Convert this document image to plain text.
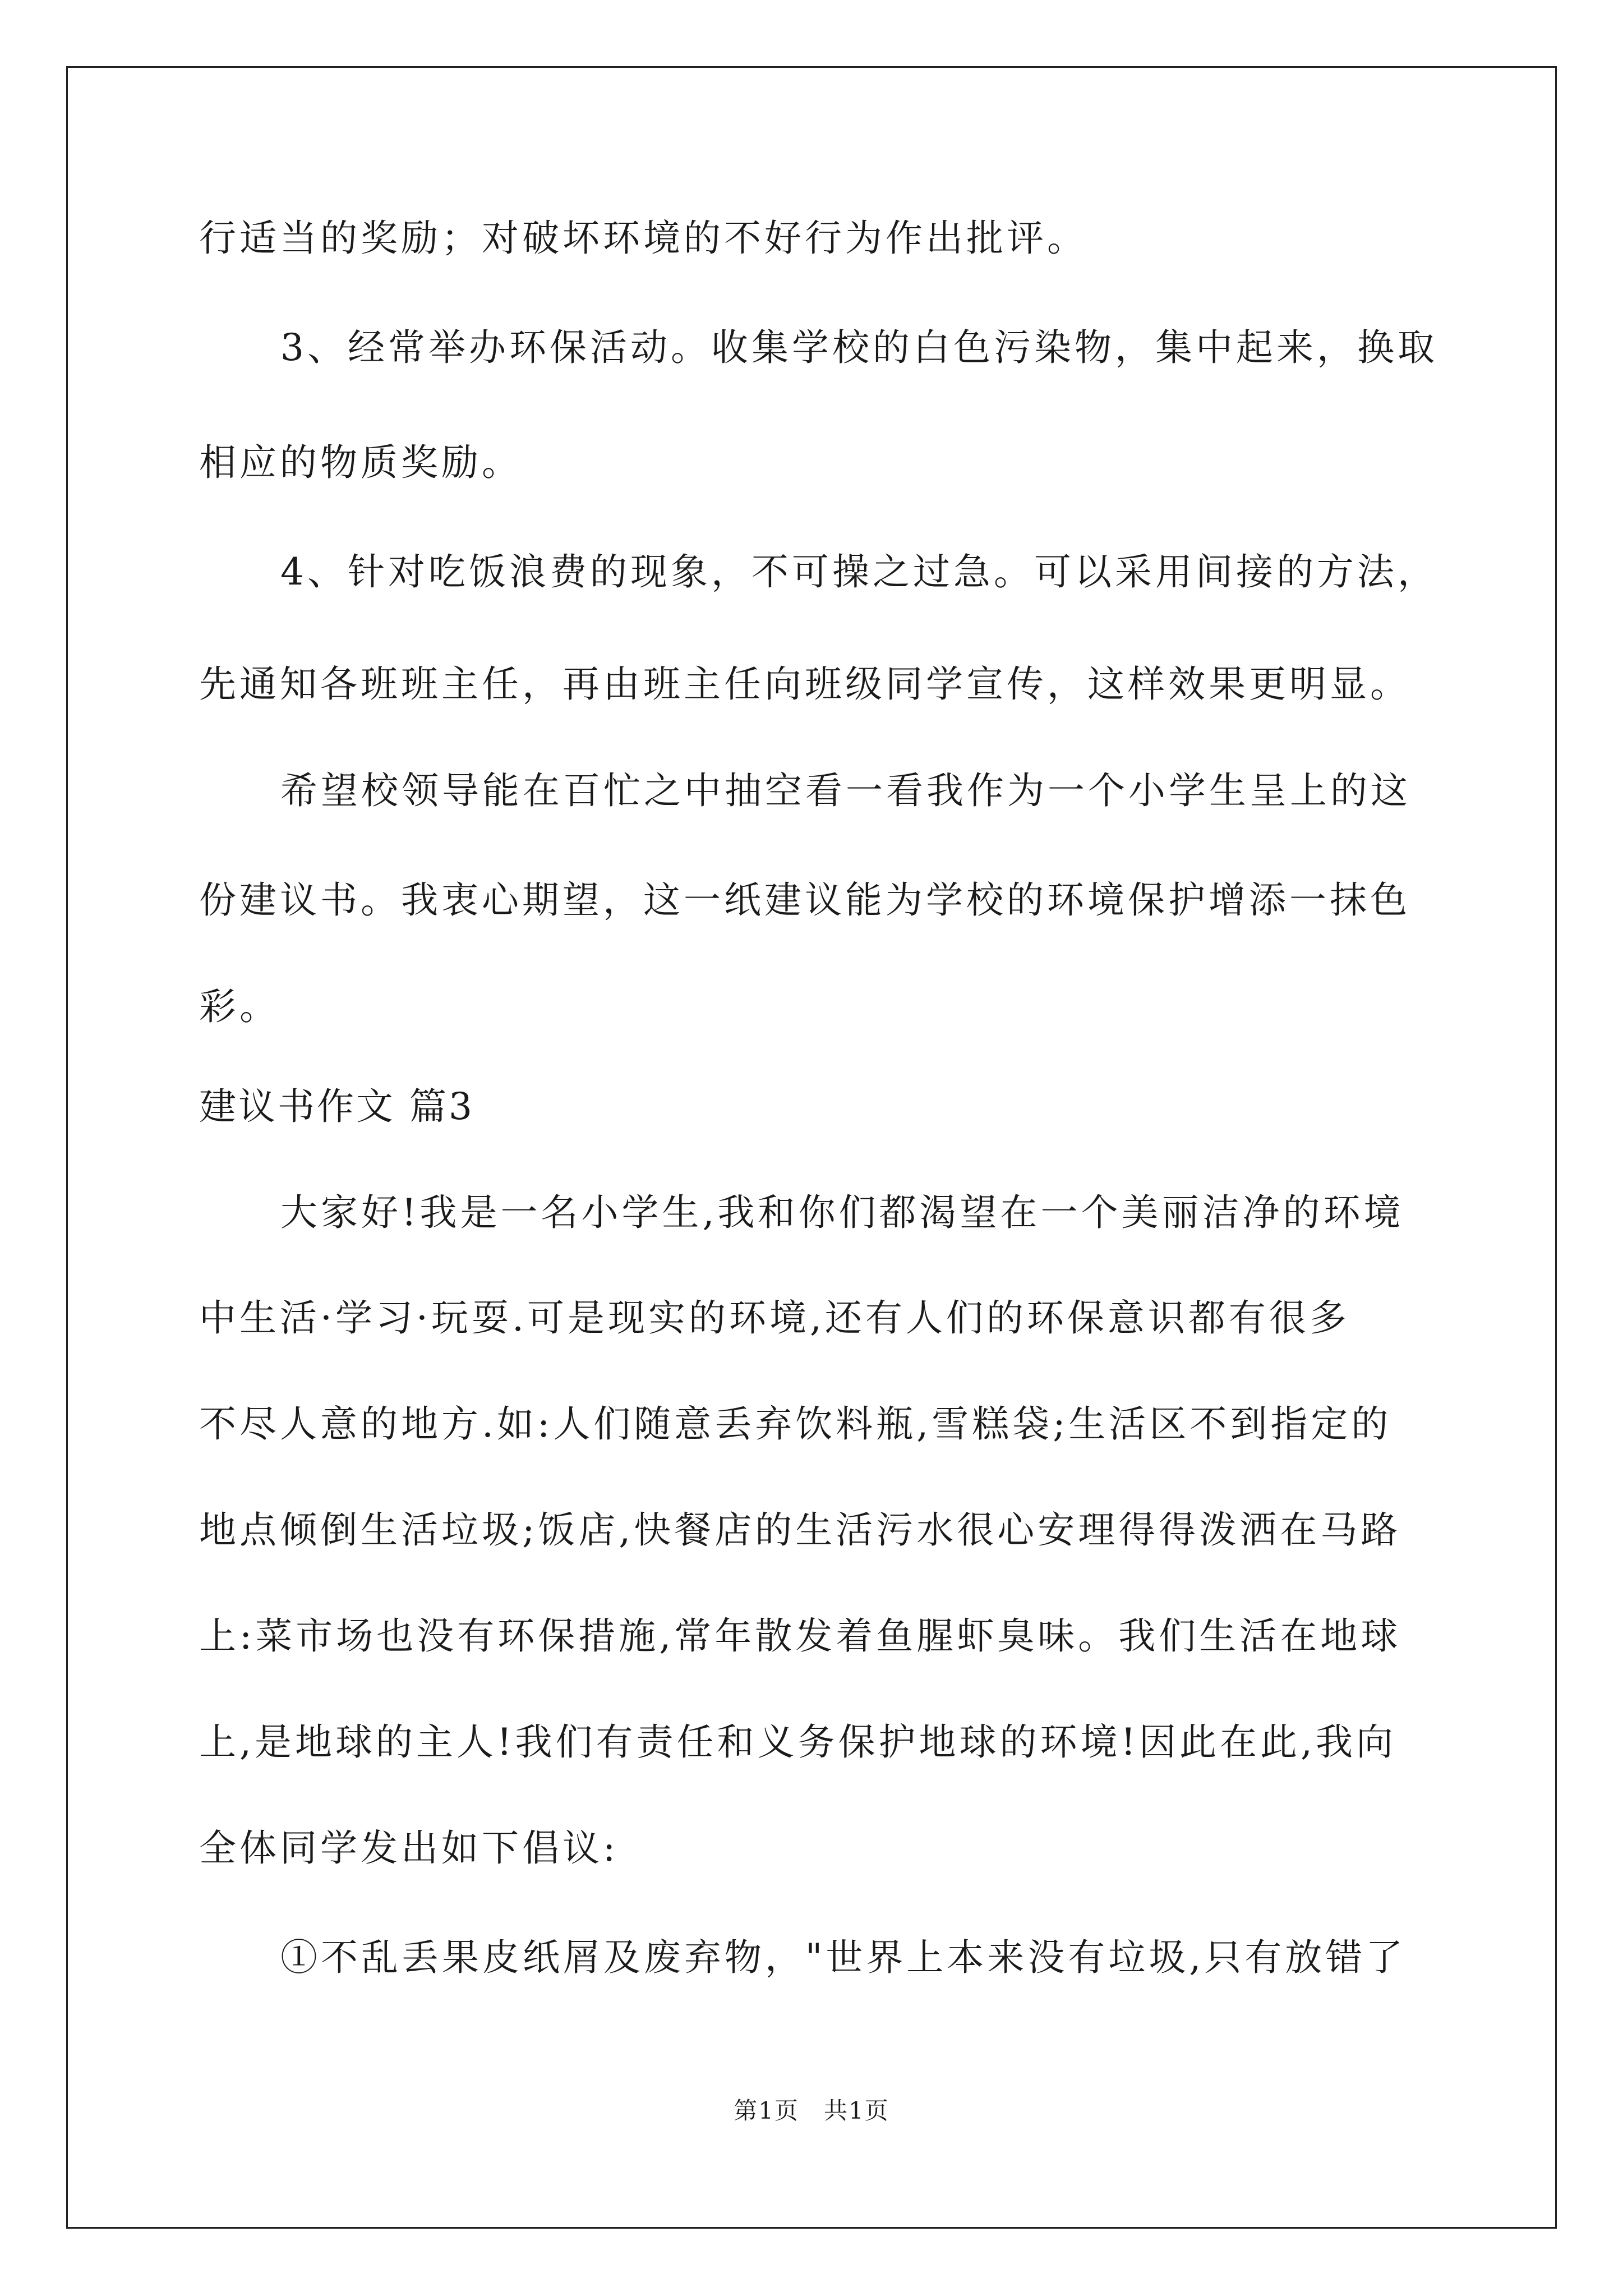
行适当的奖励；对破坏环境的不好行为作出批评。
3、经常举办环保活动。收集学校的白色污染物，集中起来，换取
相应的物质奖励。
4、针对吃饭浪费的现象，不可操之过急。可以采用间接的方法，
先通知各班班主任，再由班主任向班级同学宣传，这样效果更明显。
希望校领导能在百忙之中抽空看一看我作为一个小学生呈上的这
份建议书。我衷心期望，这一纸建议能为学校的环境保护增添一抹色
彩。
建议书作文 篇3
大家好!我是一名小学生,我和你们都渴望在一个美丽洁净的环境
中生活·学习·玩耍.可是现实的环境,还有人们的环保意识都有很多
不尽人意的地方.如:人们随意丢弃饮料瓶,雪糕袋;生活区不到指定的
地点倾倒生活垃圾;饭店,快餐店的生活污水很心安理得得泼洒在马路
上:菜市场也没有环保措施,常年散发着鱼腥虾臭味。我们生活在地球
上,是地球的主人!我们有责任和义务保护地球的环境!因此在此,我向
全体同学发出如下倡议:
①不乱丢果皮纸屑及废弃物，"世界上本来没有垃圾,只有放错了
第1页　共1页
